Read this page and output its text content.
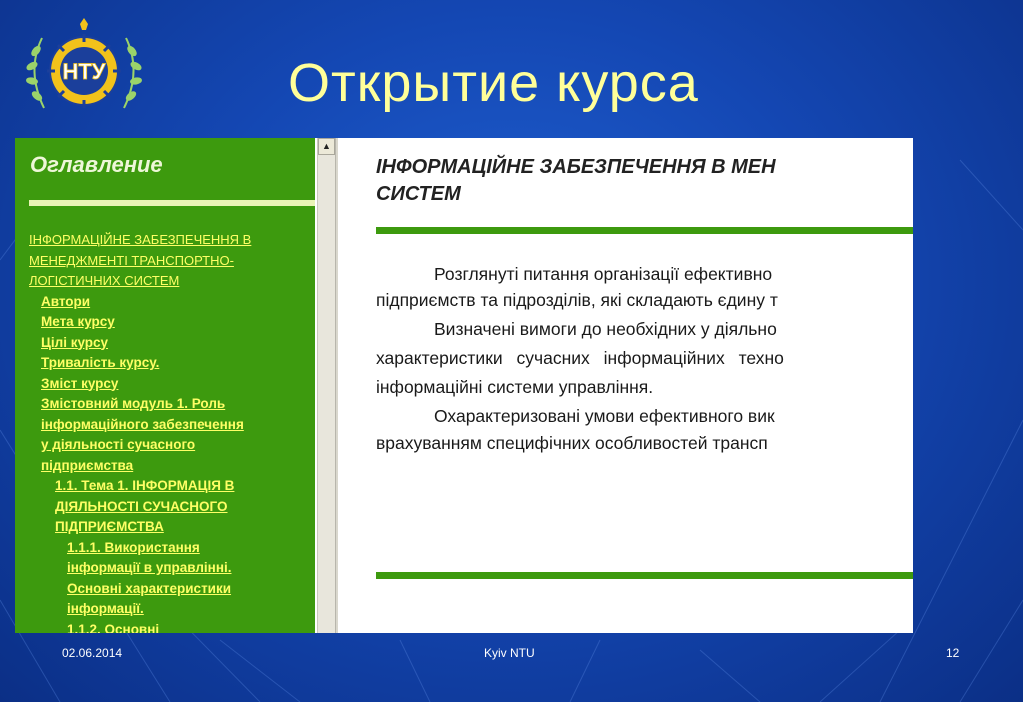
НТУ	Открытие курса
Оглавление
ІНФОРМАЦІЙНЕ ЗАБЕЗПЕЧЕННЯ В
МЕНЕДЖМЕНТІ ТРАНСПОРТНО-
ЛОГІСТИЧНИХ СИСТЕМ
Автори
Мета курсу
Цілі курсу
Тривалість курсу.
Зміст курсу
Змістовний модуль 1. Роль
інформаційного забезпечення
у діяльності сучасного
підприємства
1.1. Тема 1. ІНФОРМАЦІЯ В
ДІЯЛЬНОСТІ СУЧАСНОГО
ПІДПРИЄМСТВА
1.1.1. Використання
інформації в управлінні.
Основні характеристики
інформації.
1.1.2. Основні
▲
ІНФОРМАЦІЙНЕ ЗАБЕЗПЕЧЕННЯ В МЕН
СИСТЕМ

Розглянуті питання організації ефективно

підприємств та підрозділів, які складають єдину т

Визначені вимоги до необхідних у діяльно

характеристики сучасних інформаційних техно

інформаційні системи управління.

Охарактеризовані умови ефективного вик

врахуванням специфічних особливостей трансп

02.06.2014	Kyiv NTU	12
